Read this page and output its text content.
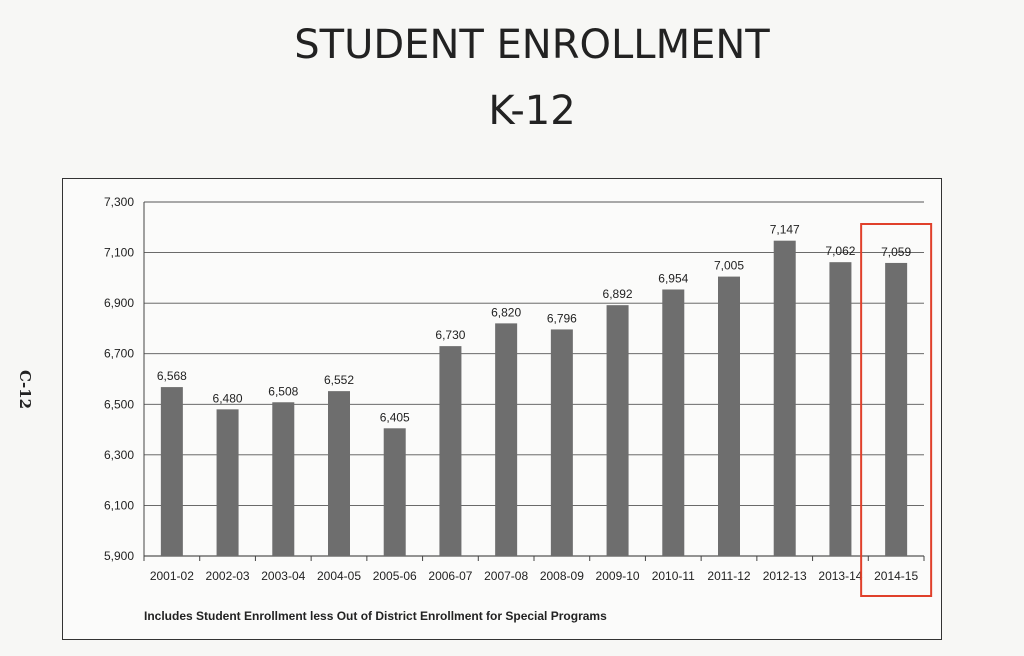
STUDENT ENROLLMENT
K-12
C-12
5,900
6,100
6,300
6,500
6,700
6,900
7,100
7,300
6,568
6,480
6,508
6,552
6,405
6,730
6,820 6,796
6,892
6,954
7,005
7,147
7,062 7,059
2001-02 2002-03 2003-04 2004-05 2005-06 2006-07 2007-08 2008-09 2009-10 2010-11 2011-12 2012-13 2013-14 2014-15
Includes Student Enrollment less Out of District Enrollment for Special Programs
